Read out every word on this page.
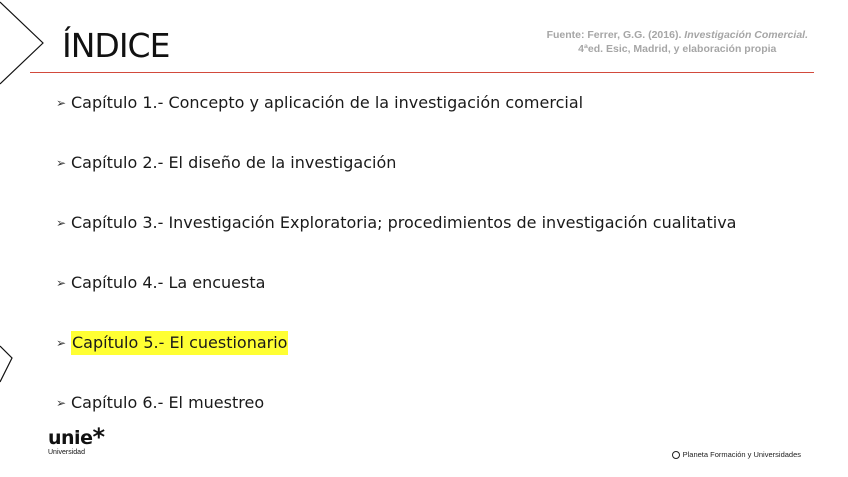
ÍNDICE	Fuente: Ferrer, G.G. (2016). Investigación Comercial.
4ªed. Esic, Madrid, y elaboración propia
➢ Capítulo 1.- Concepto y aplicación de la investigación comercial
➢ Capítulo 2.- El diseño de la investigación
➢ Capítulo 3.- Investigación Exploratoria; procedimientos de investigación cualitativa
➢ Capítulo 4.- La encuesta
➢ Capítulo 5.- El cuestionario
➢ Capítulo 6.- El muestreo
unie*
Universidad	Planeta Formación y Universidades
